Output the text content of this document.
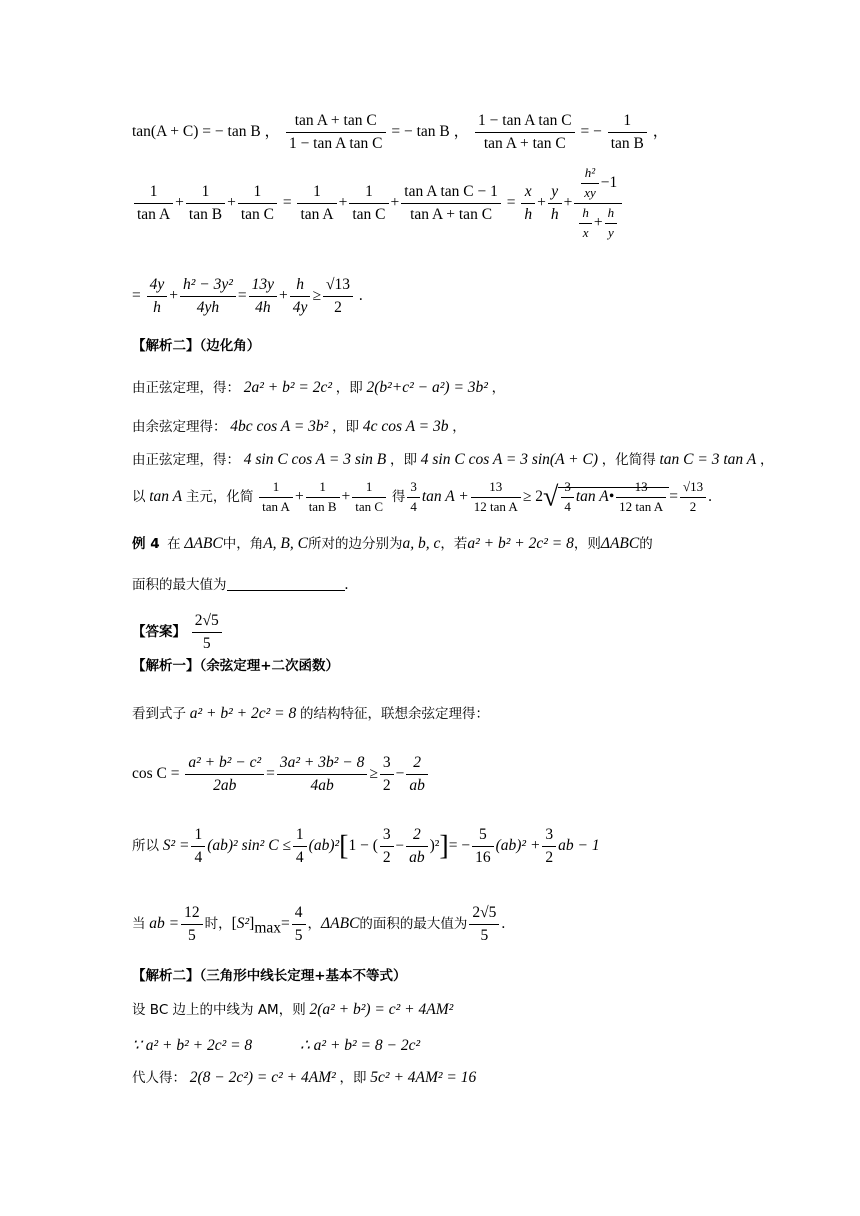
tan(A + C) = − tan B ， $\frac{\text{tan A + tan C}}{\text{1 − tan A tan C}}$ = − tan B ， $\frac{\text{1 − tan A tan C}}{\text{tan A + tan C}}$ = − $\frac{1}{\text{tan B}}$ ，
$\frac{1}{\text{tan A}} + \frac{1}{\text{tan B}} + \frac{1}{\text{tan C}} = \frac{1}{\text{tan A}} + \frac{1}{\text{tan C}} + \frac{\text{tan A tan C − 1}}{\text{tan A + tan C}} = \frac{x}{h} + \frac{y}{h} + \frac{\frac{\text{h²}}{xy} -1}{\frac{h}{x} + \frac{h}{y}}$
= $\frac{4y}{h} + \frac{\text{h² − 3y²}}{4yh} = \frac{13y}{4h} + \frac{h}{4y} \ge \frac{√13}{2}$ .
【解析二】（边化角）
由正弦定理，得： 2a² + b² = 2c² ，即 2(b²+c² − a²) = 3b² ，
由余弦定理得： 4bc cos A = 3b² ，即 4c cos A = 3b ，
由正弦定理，得： 4 sin C cos A = 3 sin B ，即 4 sin C cos A = 3 sin(A + C) ，化简得 tan C = 3 tan A ，
以 tan A 主元，化简 $\frac{1}{\text{tan A}} + \frac{1}{\text{tan B}} + \frac{1}{\text{tan C}}$ 得 $\frac{3}{4}$ $\tan A + \frac{13}{\text{12 tan A}} \ge 2√ \frac{3}{4}$ tan A• $\frac{13}{\text{12 tan A}} = \frac{√13}{2}$ .
例 4 在 ΔABC中，角A, B, C所对的边分别为a, b, c，若a² + b² + 2c² = 8，则ΔABC的
面积的最大值为	.
【答案】 $\frac{2√5}{5}$
【解析一】（余弦定理+二次函数）
看到式子 a² + b² + 2c² = 8 的结构特征，联想余弦定理得：
$\cos C = \frac{\text{a² + b² − c²}}{2ab} = \frac{\text{3a² + 3b² − 8}}{4ab} \ge \frac{3}{2} - \frac{2}{ab}$
所以 $S^2 = \frac{1}{4} (ab)^2$ sin² $C \le \frac{1}{4} (ab)^2[1$ − ( $\frac{3}{2} - \frac{2}{ab} )^2]= - \frac{5}{16} (ab)^2 + \frac{3}{2}$ ab − 1
当 ab = $\frac{12}{5}$ 时，$[S^2]_{max}= \frac{4}{5}$ ，ΔABC的面积的最大值为 $\frac{2√5}{5}$ .
【解析二】（三角形中线长定理+基本不等式）
设 BC 边上的中线为 AM，则 2(a² + b²) = c² + 4AM²
∵ a² + b² + 2c² = 8	∴ a² + b² = 8 − 2c²
代人得： 2(8 − 2c²) = c² + 4AM² ，即 5c² + 4AM² = 16
